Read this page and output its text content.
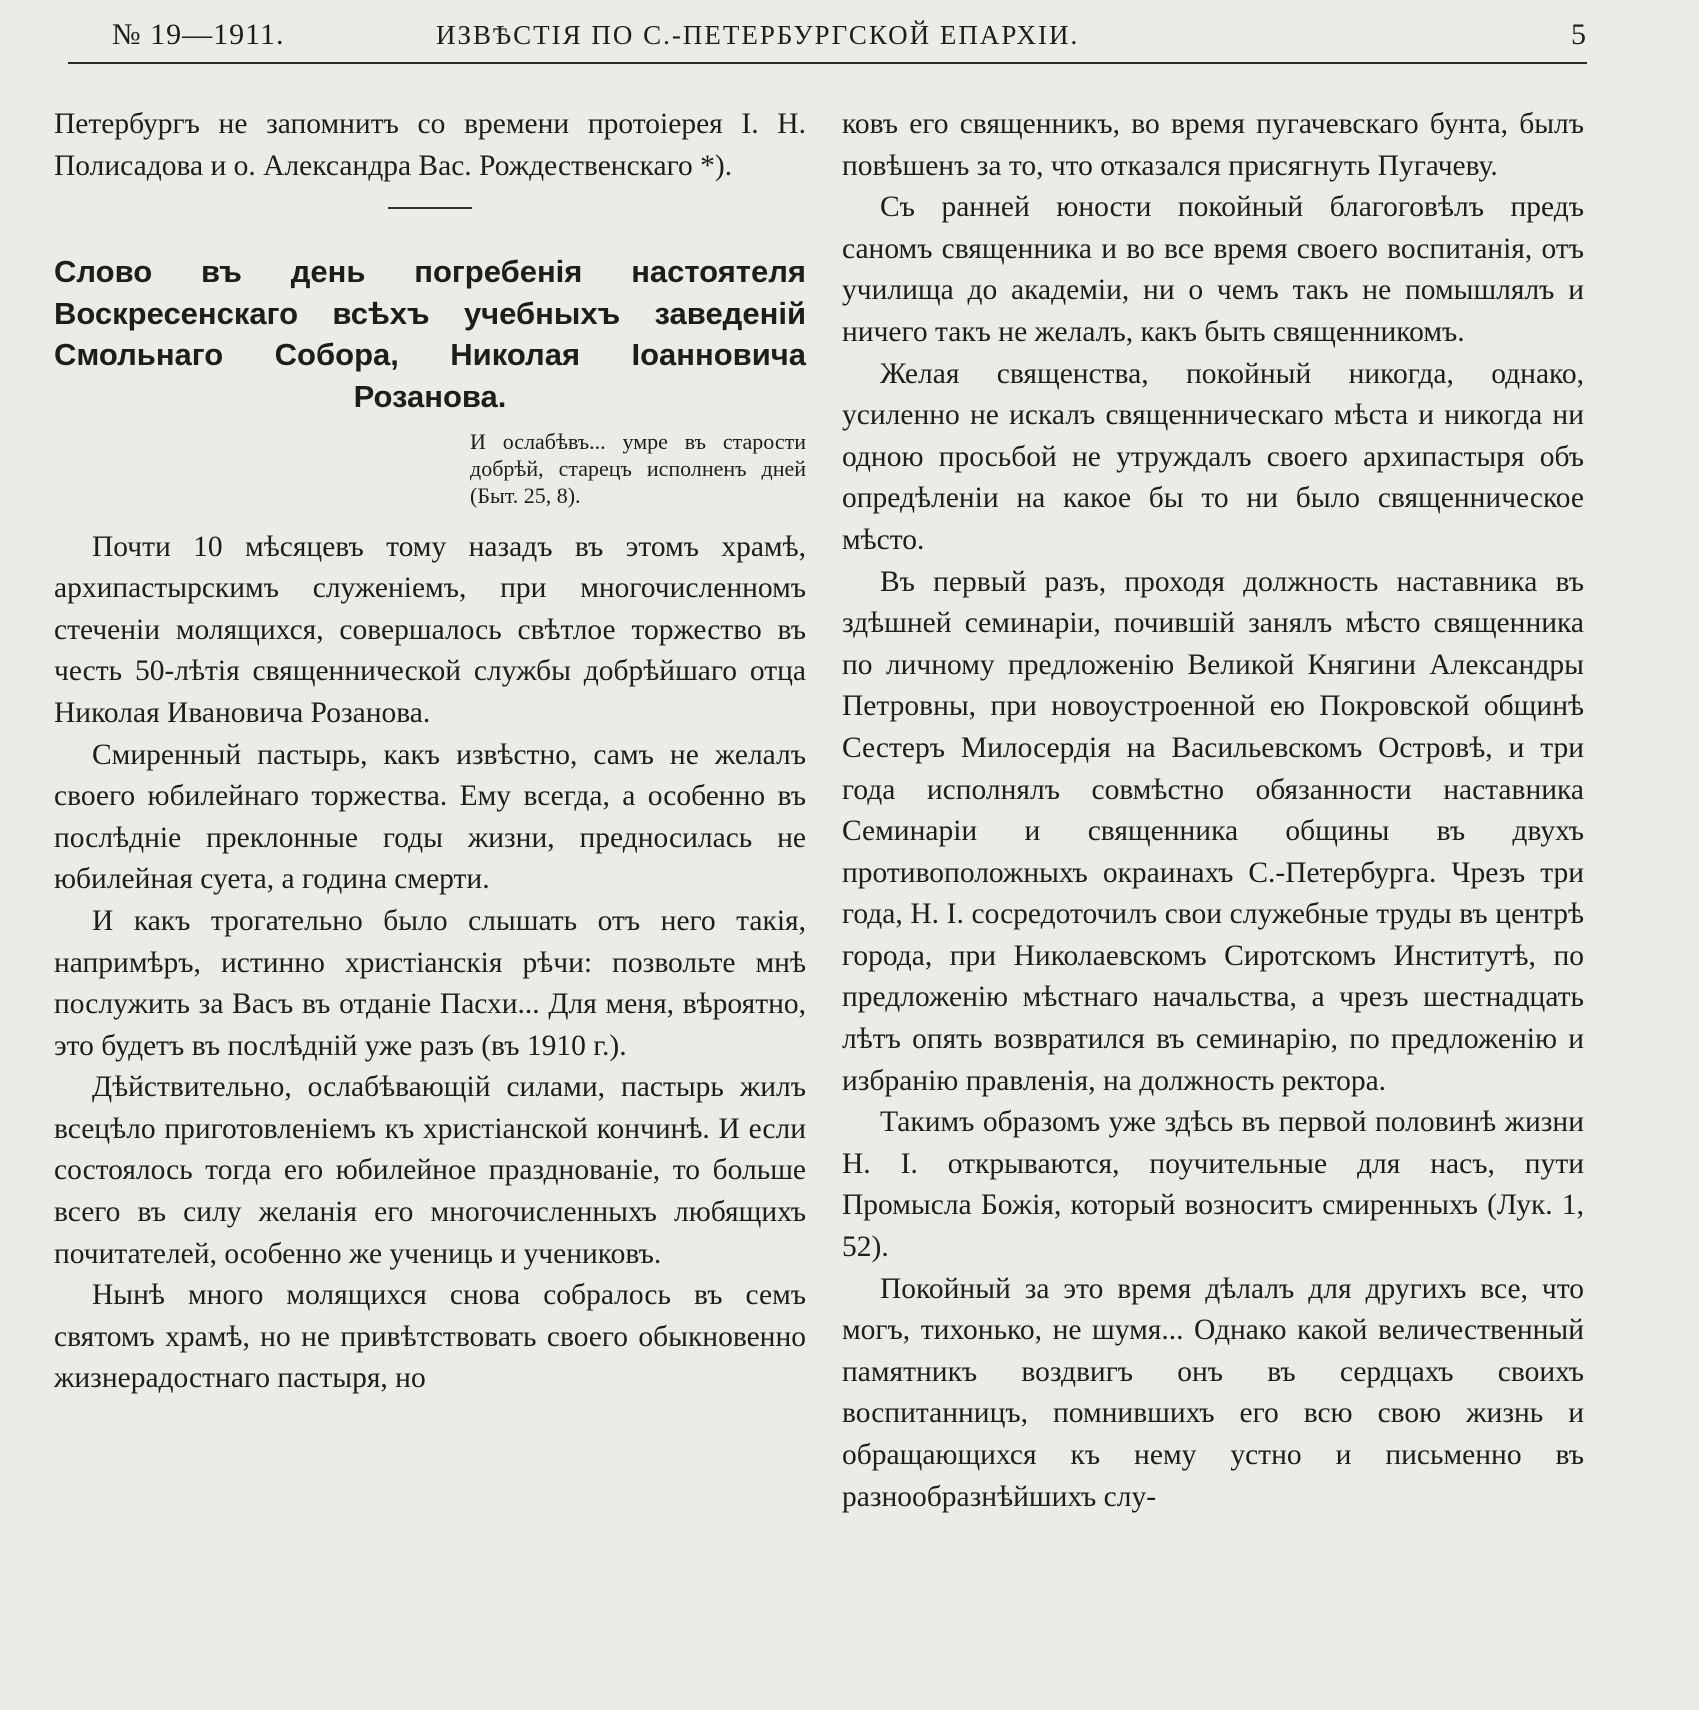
№ 19—1911.	ИЗВѢСТІЯ ПО С.-ПЕТЕРБУРГСКОЙ ЕПАРХІИ.	5

Петербургъ не запомнитъ со времени протоіерея І. Н. Полисадова и о. Александра Вас. Рождественскаго *).

Слово въ день погребенія настоятеля Воскресенскаго всѣхъ учебныхъ заведеній Смольнаго Собора, Николая Іоанновича Розанова.
И ослабѣвъ... умре въ старости добрѣй, старецъ исполненъ дней (Быт. 25, 8).

Почти 10 мѣсяцевъ тому назадъ въ этомъ храмѣ, архипастырскимъ служеніемъ, при многочисленномъ стеченіи молящихся, совершалось свѣтлое торжество въ честь 50-лѣтія священнической службы добрѣйшаго отца Николая Ивановича Розанова.

Смиренный пастырь, какъ извѣстно, самъ не желалъ своего юбилейнаго торжества. Ему всегда, а особенно въ послѣдніе преклонные годы жизни, предносилась не юбилейная суета, а година смерти.

И какъ трогательно было слышать отъ него такія, напримѣръ, истинно христіанскія рѣчи: позвольте мнѣ послужить за Васъ въ отданіе Пасхи... Для меня, вѣроятно, это будетъ въ послѣдній уже разъ (въ 1910 г.).

Дѣйствительно, ослабѣвающій силами, пастырь жилъ всецѣло приготовленіемъ къ христіанской кончинѣ. И если состоялось тогда его юбилейное празднованіе, то больше всего въ силу желанія его многочисленныхъ любящихъ почитателей, особенно же учениць и учениковъ.

Нынѣ много молящихся снова собралось въ семъ святомъ храмѣ, но не привѣтствовать своего обыкновенно жизнерадостнаго пастыря, но

ковъ его священникъ, во время пугачевскаго бунта, былъ повѣшенъ за то, что отказался присягнуть Пугачеву.

Съ ранней юности покойный благоговѣлъ предъ саномъ священника и во все время своего воспитанія, отъ училища до академіи, ни о чемъ такъ не помышлялъ и ничего такъ не желалъ, какъ быть священникомъ.

Желая священства, покойный никогда, однако, усиленно не искалъ священническаго мѣста и никогда ни одною просьбой не утруждалъ своего архипастыря объ опредѣленіи на какое бы то ни было священническое мѣсто.

Въ первый разъ, проходя должность наставника въ здѣшней семинаріи, почившій занялъ мѣсто священника по личному предложенію Великой Княгини Александры Петровны, при новоустроенной ею Покровской общинѣ Сестеръ Милосердія на Васильевскомъ Островѣ, и три года исполнялъ совмѣстно обязанности наставника Семинаріи и священника общины въ двухъ противоположныхъ окраинахъ С.-Петербурга. Чрезъ три года, Н. І. сосредоточилъ свои служебные труды въ центрѣ города, при Николаевскомъ Сиротскомъ Институтѣ, по предложенію мѣстнаго начальства, а чрезъ шестнадцать лѣтъ опять возвратился въ семинарію, по предложенію и избранію правленія, на должность ректора.

Такимъ образомъ уже здѣсь въ первой половинѣ жизни Н. І. открываются, поучительные для насъ, пути Промысла Божія, который возноситъ смиренныхъ (Лук. 1, 52).

Покойный за это время дѣлалъ для другихъ все, что могъ, тихонько, не шумя... Однако какой величественный памятникъ воздвигъ онъ въ сердцахъ своихъ воспитанницъ, помнившихъ его всю свою жизнь и обращающихся къ нему устно и письменно въ разнообразнѣйшихъ слу-
